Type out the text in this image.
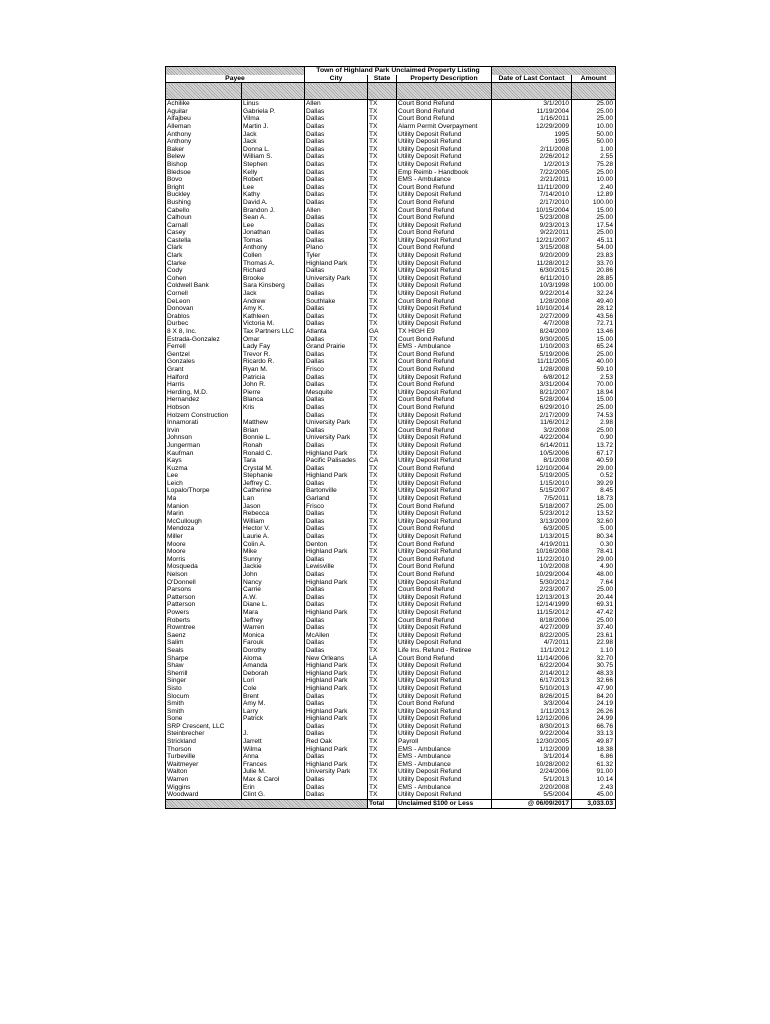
		Town of Highland Park Unclaimed Property Listing				
Payee		City	State	Property Description	Date of Last Contact	Amount

Achilike	Linus	Allen	TX	Court Bond Refund	3/1/2010	25.00
Aguilar	Gabriela P.	Dallas	TX	Court Bond Refund	11/19/2004	25.00
Alfajbeu	Vilma	Dallas	TX	Court Bond Refund	1/16/2011	25.00
Alleman	Martin J.	Dallas	TX	Alarm Permit Overpayment	12/29/2009	10.00
Anthony	Jack	Dallas	TX	Utility Deposit Refund	1995	50.00
Anthony	Jack	Dallas	TX	Utility Deposit Refund	1995	50.00
Baker	Donna L.	Dallas	TX	Utility Deposit Refund	2/11/2008	1.00
Belew	William S.	Dallas	TX	Utility Deposit Refund	2/26/2012	2.55
Bishop	Stephen	Dallas	TX	Utility Deposit Refund	1/2/2013	75.28
Bledsoe	Kelly	Dallas	TX	Emp Reimb - Handbook	7/22/2005	25.00
Bovo	Robert	Dallas	TX	EMS - Ambulance	2/21/2011	10.00
Bright	Lee	Dallas	TX	Court Bond Refund	11/11/2009	2.40
Buckley	Kathy	Dallas	TX	Utility Deposit Refund	7/14/2010	12.89
Bushing	David A.	Dallas	TX	Court Bond Refund	2/17/2010	100.00
Cabello	Brandon J.	Allen	TX	Court Bond Refund	10/15/2004	15.00
Calhoun	Sean A.	Dallas	TX	Court Bond Refund	5/23/2008	25.00
Carnall	Lee	Dallas	TX	Utility Deposit Refund	9/23/2013	17.54
Casey	Jonathan	Dallas	TX	Court Bond Refund	9/22/2011	25.00
Castella	Tomas	Dallas	TX	Utility Deposit Refund	12/21/2007	45.11
Clark	Anthony	Plano	TX	Court Bond Refund	3/15/2008	54.00
Clark	Collen	Tyler	TX	Utility Deposit Refund	9/20/2009	23.83
Clarke	Thomas A.	Highland Park	TX	Utility Deposit Refund	11/28/2012	33.70
Cody	Richard	Dallas	TX	Utility Deposit Refund	6/30/2015	20.86
Cohen	Brooke	University Park	TX	Utility Deposit Refund	6/11/2010	28.85
Coldwell Bank	Sara Kinsberg	Dallas	TX	Utility Deposit Refund	10/3/1998	100.00
Cornell	Jack	Dallas	TX	Utility Deposit Refund	9/22/2014	32.24
DeLeon	Andrew	Southlake	TX	Court Bond Refund	1/28/2008	49.40
Donovan	Amy K.	Dallas	TX	Utility Deposit Refund	10/10/2014	28.12
Drablos	Kathleen	Dallas	TX	Utility Deposit Refund	2/27/2009	43.56
Durbec	Victoria M.	Dallas	TX	Utility Deposit Refund	4/7/2008	72.71
8 X 8, Inc.	Tax Partners LLC	Atlanta	GA	TX HIGH E9	8/24/2009	13.46
Estrada-Gonzalez	Omar	Dallas	TX	Court Bond Refund	9/30/2005	15.00
Ferrell	Lady Fay	Grand Prairie	TX	EMS - Ambulance	1/10/2003	65.24
Gentzel	Trevor R.	Dallas	TX	Court Bond Refund	5/19/2006	25.00
Gonzales	Ricardo R.	Dallas	TX	Court Bond Refund	11/11/2005	40.00
Grant	Ryan M.	Frisco	TX	Court Bond Refund	1/28/2008	59.10
Halford	Patricia	Dallas	TX	Utility Deposit Refund	6/8/2012	2.53
Harris	John R.	Dallas	TX	Court Bond Refund	3/31/2004	70.00
Herding, M.D.	Pierre	Mesquite	TX	Utility Deposit Refund	8/21/2007	18.94
Hernandez	Blanca	Dallas	TX	Court Bond Refund	5/28/2004	15.00
Hobson	Kris	Dallas	TX	Court Bond Refund	6/29/2010	25.00
Holzem Construction		Dallas	TX	Utility Deposit Refund	2/17/2009	74.53
Innamorati	Matthew	University Park	TX	Utility Deposit Refund	11/6/2012	2.98
Irvin	Brian	Dallas	TX	Court Bond Refund	3/2/2008	25.00
Johnson	Bonnie L.	University Park	TX	Utility Deposit Refund	4/22/2004	0.90
Jungerman	Ronah	Dallas	TX	Utility Deposit Refund	6/14/2011	13.72
Kaufman	Ronald C.	Highland Park	TX	Utility Deposit Refund	10/5/2006	67.17
Kays	Tara	Pacific Palisades	CA	Utility Deposit Refund	8/1/2008	40.59
Kuzma	Crystal M.	Dallas	TX	Court Bond Refund	12/10/2004	29.00
Lee	Stephanie	Highland Park	TX	Utility Deposit Refund	5/19/2005	0.52
Leich	Jeffrey C.	Dallas	TX	Utility Deposit Refund	1/15/2010	39.29
Lopalo/Thorpe	Catherine	Bartonville	TX	Utility Deposit Refund	5/15/2007	8.45
Ma	Lan	Garland	TX	Utility Deposit Refund	7/5/2011	18.73
Manion	Jason	Frisco	TX	Court Bond Refund	5/18/2007	25.00
Marin	Rebecca	Dallas	TX	Utility Deposit Refund	5/23/2012	13.52
McCullough	William	Dallas	TX	Utility Deposit Refund	3/13/2009	32.60
Mendoza	Hector V.	Dallas	TX	Court Bond Refund	6/3/2005	5.00
Miller	Laurie A.	Dallas	TX	Utility Deposit Refund	1/13/2015	80.34
Moore	Colin A.	Denton	TX	Court Bond Refund	4/19/2011	0.30
Moore	Mike	Highland Park	TX	Utility Deposit Refund	10/16/2008	78.41
Morris	Sunny	Dallas	TX	Court Bond Refund	11/22/2010	29.00
Mosqueda	Jackie	Lewisville	TX	Court Bond Refund	10/2/2008	4.90
Nelson	John	Dallas	TX	Court Bond Refund	10/29/2004	48.00
O'Donnell	Nancy	Highland Park	TX	Utility Deposit Refund	5/30/2012	7.64
Parsons	Carrie	Dallas	TX	Court Bond Refund	2/23/2007	25.00
Patterson	A.W.	Dallas	TX	Utility Deposit Refund	12/13/2013	20.44
Patterson	Diane L.	Dallas	TX	Utility Deposit Refund	12/14/1999	69.31
Powers	Mara	Highland Park	TX	Utility Deposit Refund	11/15/2012	47.42
Roberts	Jeffrey	Dallas	TX	Court Bond Refund	8/18/2006	25.00
Rowntree	Warren	Dallas	TX	Utility Deposit Refund	4/27/2009	37.40
Saenz	Monica	McAllen	TX	Utility Deposit Refund	8/22/2005	23.61
Salim	Farouk	Dallas	TX	Utility Deposit Refund	4/7/2011	22.98
Seals	Dorothy	Dallas	TX	Life Ins. Refund - Retiree	11/1/2012	1.10
Sharpe	Aloma	New Orleans	LA	Court Bond Refund	11/14/2006	32.70
Shaw	Amanda	Highland Park	TX	Utility Deposit Refund	6/22/2004	30.75
Sherrill	Deborah	Highland Park	TX	Utility Deposit Refund	2/14/2012	48.33
Singer	Lori	Highland Park	TX	Utility Deposit Refund	6/17/2013	32.66
Sisto	Cole	Highland Park	TX	Utility Deposit Refund	5/10/2013	47.90
Slocum	Brent	Dallas	TX	Utility Deposit Refund	8/26/2015	84.20
Smith	Amy M.	Dallas	TX	Court Bond Refund	3/3/2004	24.19
Smith	Larry	Highland Park	TX	Utility Deposit Refund	1/11/2013	26.26
Sone	Patrick	Highland Park	TX	Utility Deposit Refund	12/12/2006	24.99
SRP Crescent, LLC		Dallas	TX	Utility Deposit Refund	8/30/2013	66.76
Steinbrecher	J.	Dallas	TX	Utility Deposit Refund	9/22/2004	33.13
Strickland	Jarrett	Red Oak	TX	Payroll	12/30/2005	49.87
Thorson	Wilma	Highland Park	TX	EMS - Ambulance	1/12/2009	18.38
Turbeville	Anna	Dallas	TX	EMS - Ambulance	3/1/2014	6.86
Waitmeyer	Frances	Highland Park	TX	EMS - Ambulance	10/28/2002	61.32
Walton	Julie M.	University Park	TX	Utility Deposit Refund	2/24/2006	91.00
Warren	Max & Carol	Dallas	TX	Utility Deposit Refund	5/1/2013	10.14
Wiggins	Erin	Dallas	TX	EMS - Ambulance	2/20/2008	2.43
Woodward	Clint G.	Dallas	TX	Utility Deposit Refund	5/5/2004	45.00
			Total	Unclaimed $100 or Less	@ 06/09/2017	3,033.03
